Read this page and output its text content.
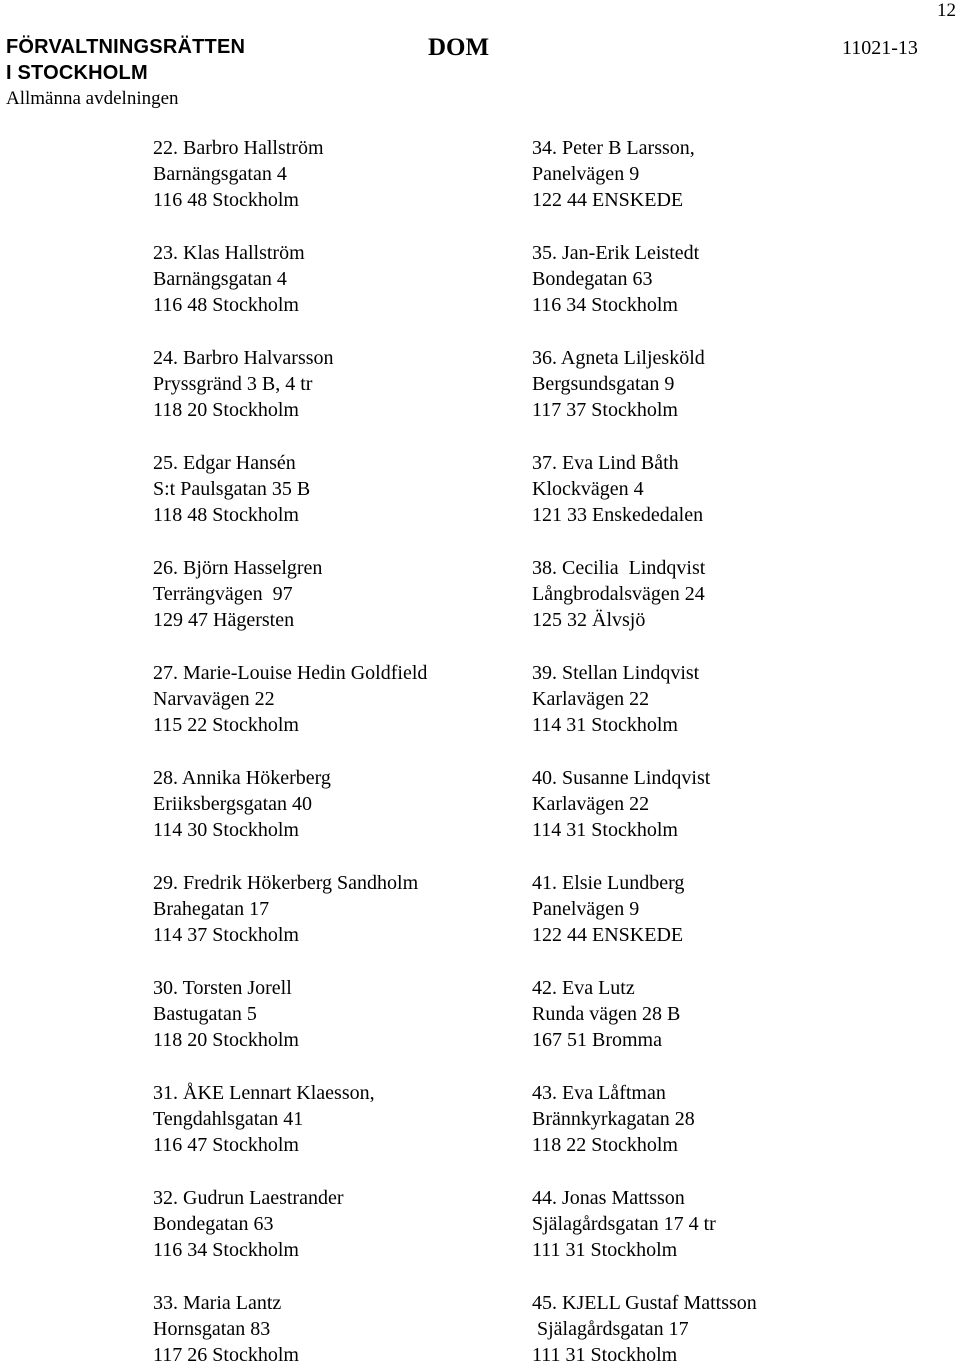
12
FÖRVALTNINGSRÄTTEN
I STOCKHOLM
Allmänna avdelningen
DOM	11021-13
22. Barbro Hallström
Barnängsgatan 4
116 48 Stockholm
23. Klas Hallström
Barnängsgatan 4
116 48 Stockholm
24. Barbro Halvarsson
Pryssgränd 3 B, 4 tr
118 20 Stockholm
25. Edgar Hansén
S:t Paulsgatan 35 B
118 48 Stockholm
26. Björn Hasselgren
Terrängvägen  97
129 47 Hägersten
27. Marie-Louise Hedin Goldfield
Narvavägen 22
115 22 Stockholm
28. Annika Hökerberg
Eriiksbergsgatan 40
114 30 Stockholm
29. Fredrik Hökerberg Sandholm
Brahegatan 17
114 37 Stockholm
30. Torsten Jorell
Bastugatan 5
118 20 Stockholm
31. ÅKE Lennart Klaesson,
Tengdahlsgatan 41
116 47 Stockholm
32. Gudrun Laestrander
Bondegatan 63
116 34 Stockholm
33. Maria Lantz
Hornsgatan 83
117 26 Stockholm
34. Peter B Larsson,
Panelvägen 9
122 44 ENSKEDE
35. Jan-Erik Leistedt
Bondegatan 63
116 34 Stockholm
36. Agneta Liljesköld
Bergsundsgatan 9
117 37 Stockholm
37. Eva Lind Båth
Klockvägen 4
121 33 Enskededalen
38. Cecilia  Lindqvist
Långbrodalsvägen 24
125 32 Älvsjö
39. Stellan Lindqvist
Karlavägen 22
114 31 Stockholm
40. Susanne Lindqvist
Karlavägen 22
114 31 Stockholm
41. Elsie Lundberg
Panelvägen 9
122 44 ENSKEDE
42. Eva Lutz
Runda vägen 28 B
167 51 Bromma
43. Eva Låftman
Brännkyrkagatan 28
118 22 Stockholm
44. Jonas Mattsson
Själagårdsgatan 17 4 tr
111 31 Stockholm
45. KJELL Gustaf Mattsson
Själagårdsgatan 17
111 31 Stockholm
